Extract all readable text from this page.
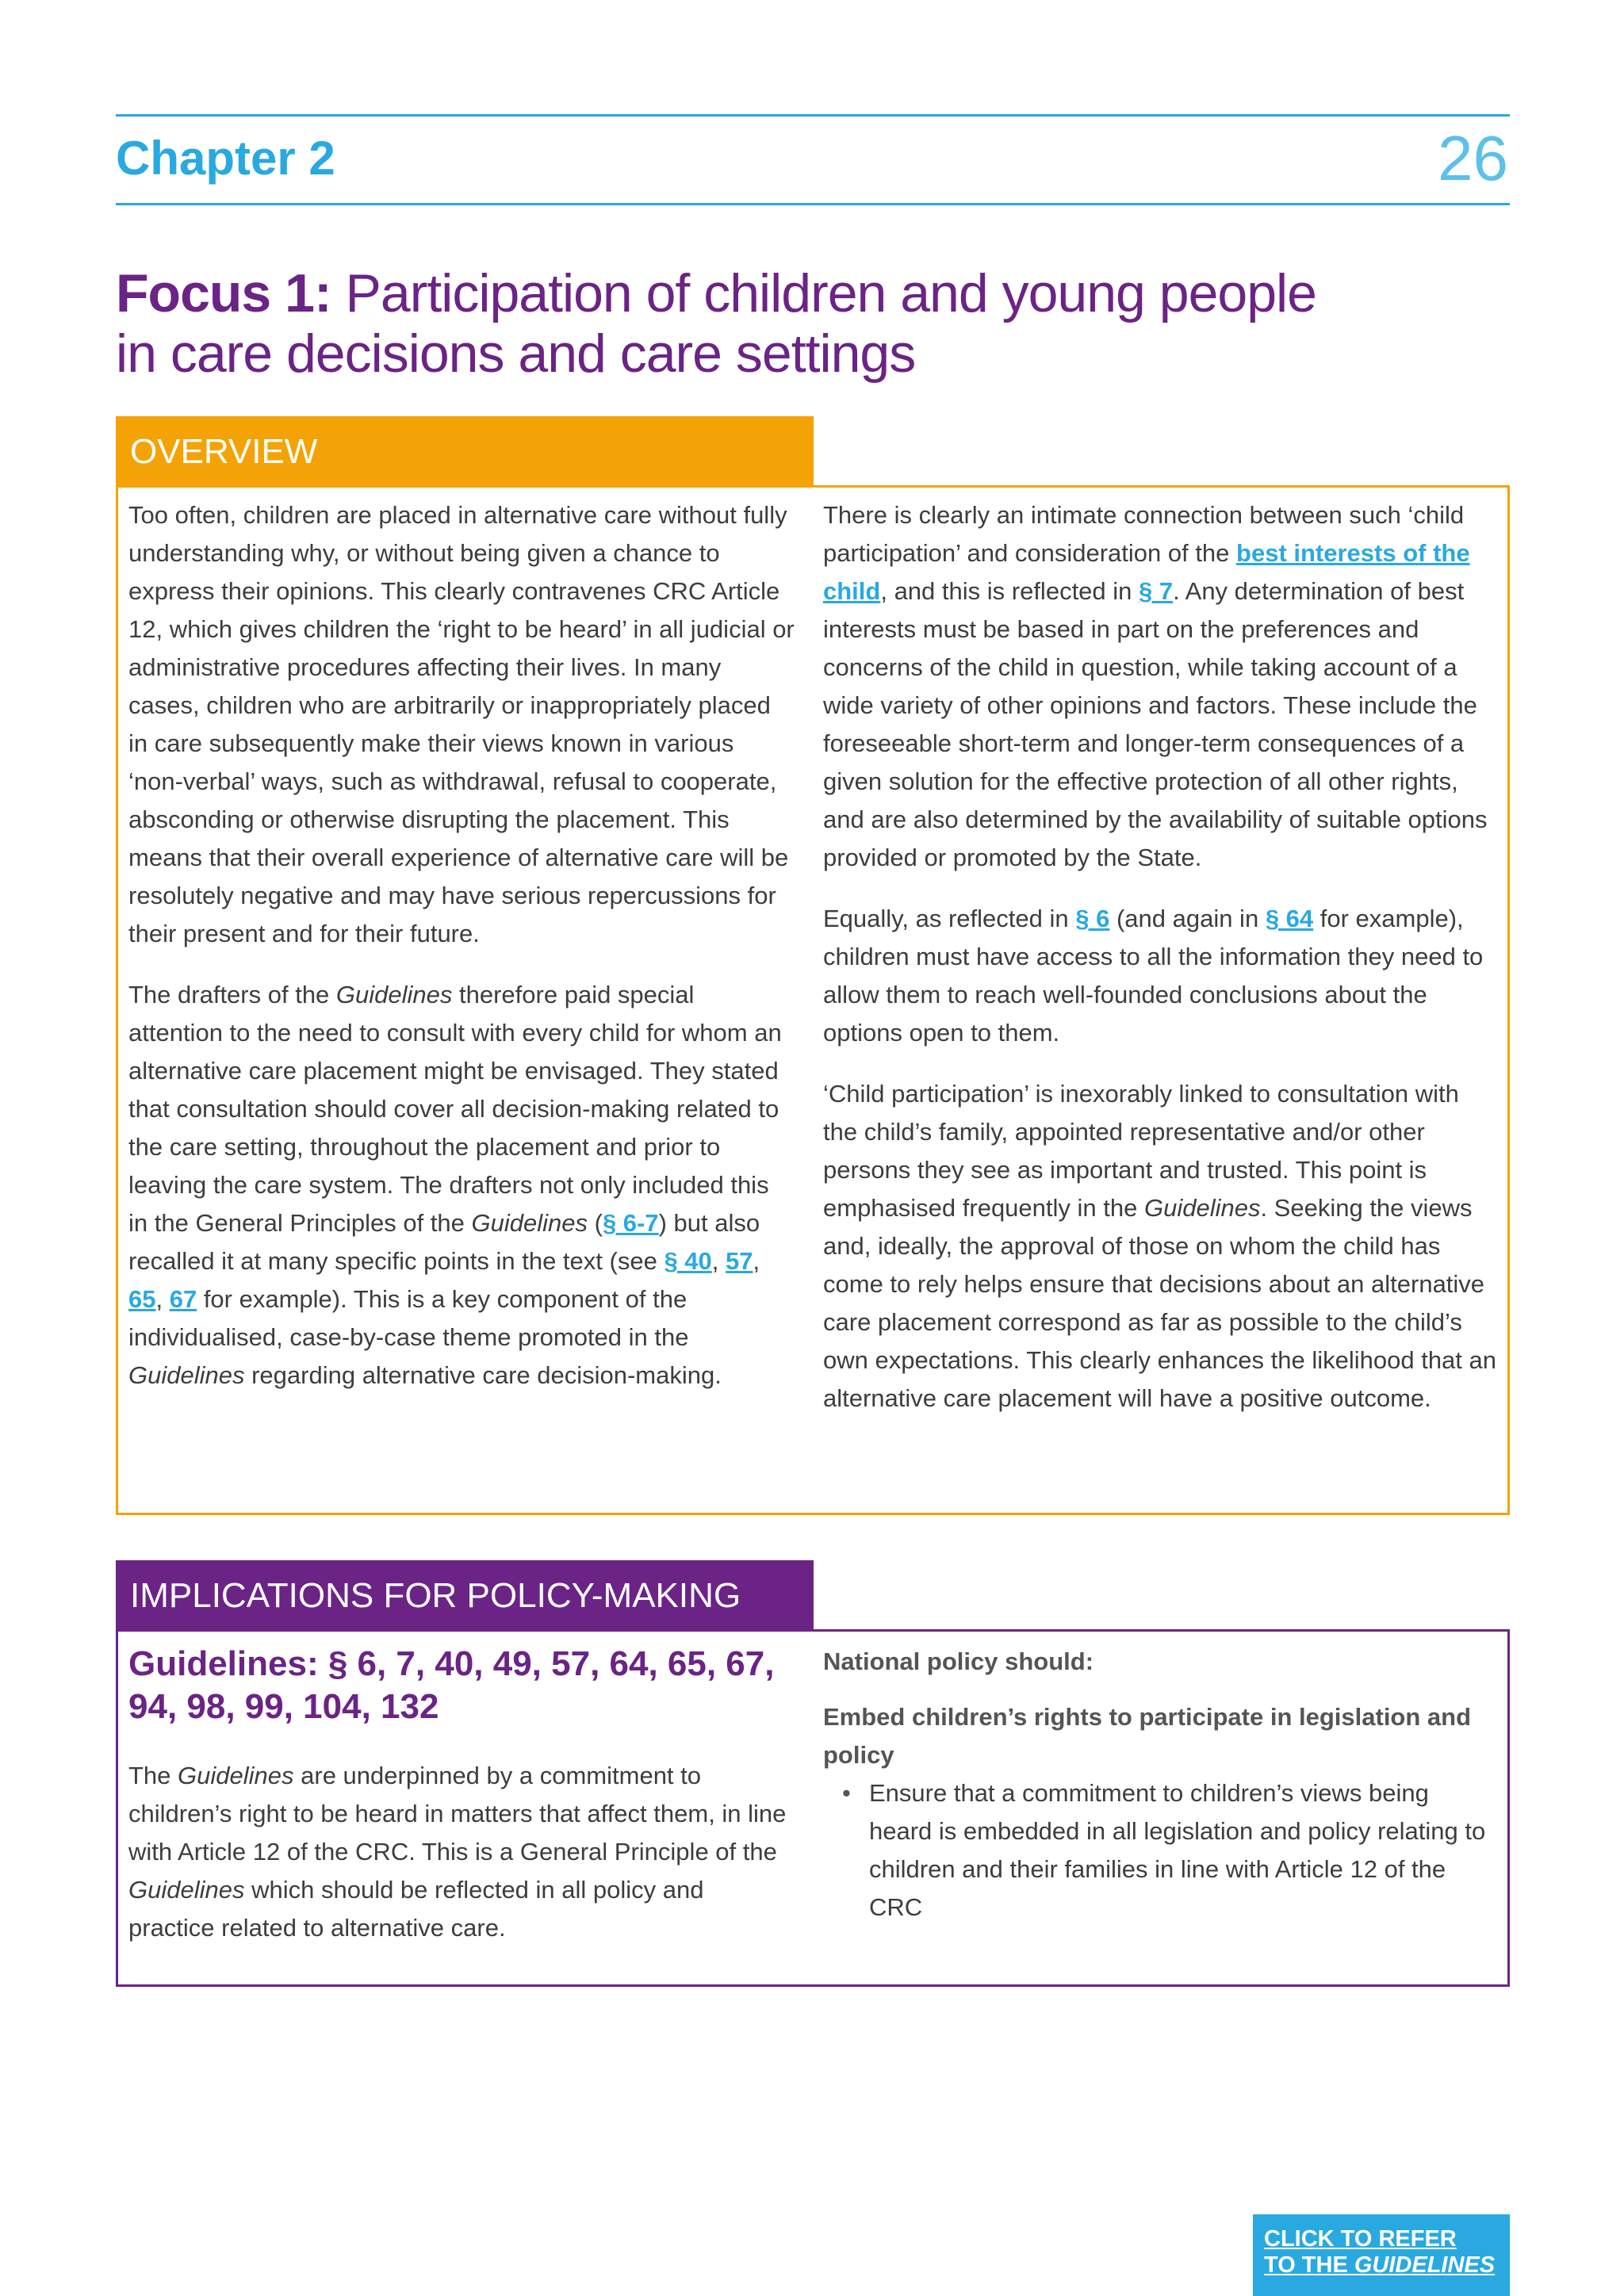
Chapter 2	26
Focus 1: Participation of children and young people
in care decisions and care settings
OVERVIEW

Too often, children are placed in alternative care without fully understanding why, or without being given a chance to express their opinions. This clearly contravenes CRC Article 12, which gives children the ‘right to be heard’ in all judicial or administrative procedures affecting their lives. In many cases, children who are arbitrarily or inappropriately placed in care subsequently make their views known in various ‘non-verbal’ ways, such as withdrawal, refusal to cooperate, absconding or otherwise disrupting the placement. This means that their overall experience of alternative care will be resolutely negative and may have serious repercussions for their present and for their future.

The drafters of the Guidelines therefore paid special attention to the need to consult with every child for whom an alternative care placement might be envisaged. They stated that consultation should cover all decision-making related to the care setting, throughout the placement and prior to leaving the care system. The drafters not only included this in the General Principles of the Guidelines (§ 6-7) but also recalled it at many specific points in the text (see § 40, 57, 65, 67 for example). This is a key component of the individualised, case-by-case theme promoted in the Guidelines regarding alternative care decision-making.

There is clearly an intimate connection between such ‘child participation’ and consideration of the best interests of the child, and this is reflected in § 7. Any determination of best interests must be based in part on the preferences and concerns of the child in question, while taking account of a wide variety of other opinions and factors. These include the foreseeable short-term and longer-term consequences of a given solution for the effective protection of all other rights, and are also determined by the availability of suitable options provided or promoted by the State.

Equally, as reflected in § 6 (and again in § 64 for example), children must have access to all the information they need to allow them to reach well-founded conclusions about the options open to them.

‘Child participation’ is inexorably linked to consultation with the child’s family, appointed representative and/or other persons they see as important and trusted. This point is emphasised frequently in the Guidelines. Seeking the views and, ideally, the approval of those on whom the child has come to rely helps ensure that decisions about an alternative care placement correspond as far as possible to the child’s own expectations. This clearly enhances the likelihood that an alternative care placement will have a positive outcome.

IMPLICATIONS FOR POLICY-MAKING
Guidelines: § 6, 7, 40, 49, 57, 64, 65, 67, 94, 98, 99, 104, 132

The Guidelines are underpinned by a commitment to children’s right to be heard in matters that affect them, in line with Article 12 of the CRC. This is a General Principle of the Guidelines which should be reflected in all policy and practice related to alternative care.

National policy should:
Embed children’s rights to participate in legislation and policy
• Ensure that a commitment to children’s views being heard is embedded in all legislation and policy relating to children and their families in line with Article 12 of the CRC
CLICK TO REFER
TO THE GUIDELINES
